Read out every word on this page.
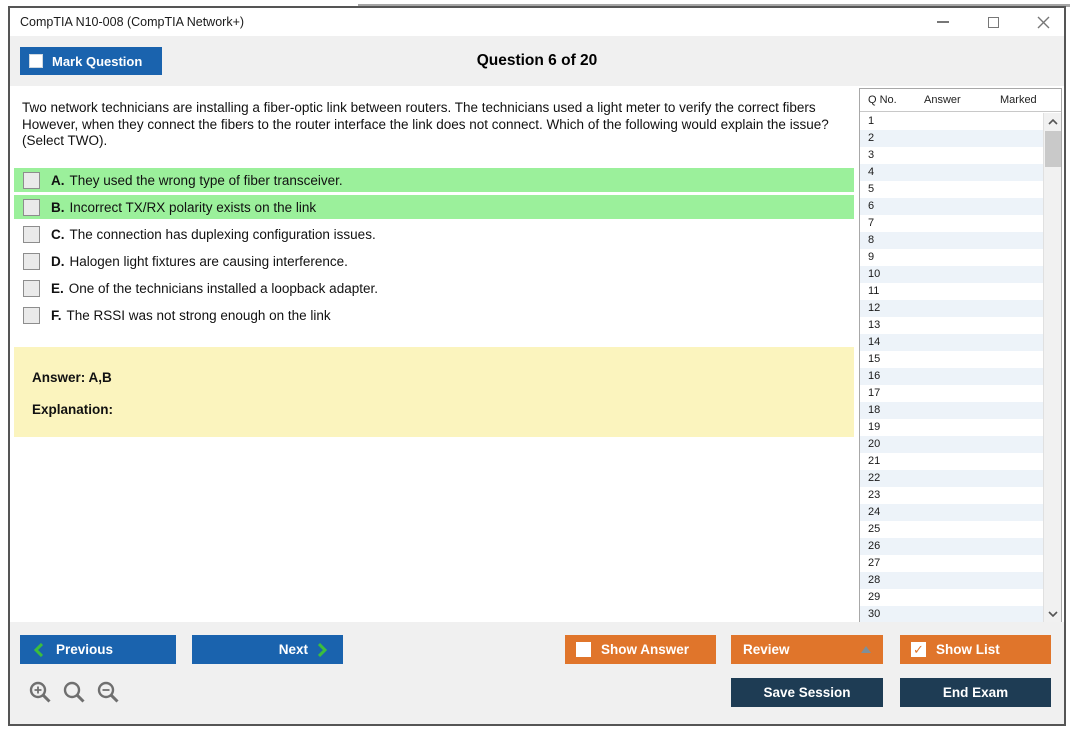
CompTIA N10-008 (CompTIA Network+)
Question 6 of 20
Mark Question
Two network technicians are installing a fiber-optic link between routers. The technicians used a light meter to verify the correct fibers However, when they connect the fibers to the router interface the link does not connect. Which of the following would explain the issue? (Select TWO).
A. They used the wrong type of fiber transceiver.
B. Incorrect TX/RX polarity exists on the link
C. The connection has duplexing configuration issues.
D. Halogen light fixtures are causing interference.
E. One of the technicians installed a loopback adapter.
F. The RSSI was not strong enough on the link
Answer: A,B
Explanation:
Q No. Answer	Marked
1
2
3
4
5
6
7
8
9
10
11
12
13
14
15
16
17
18
19
20
21
22
23
24
25
26
27
28
29
30
Previous	Next	Show Answer	Review	✓ Show List
Save Session	End Exam
